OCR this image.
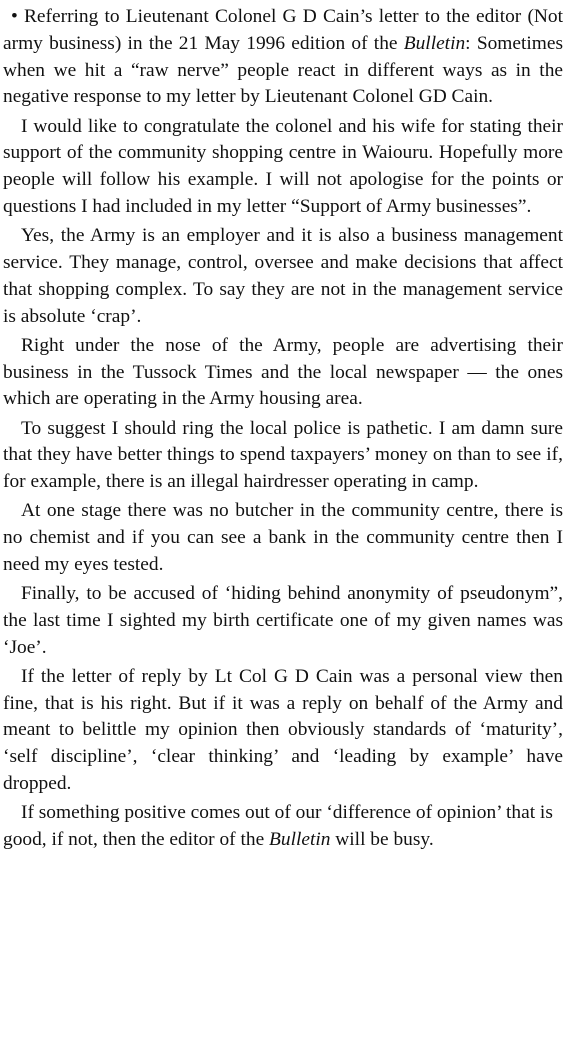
• Referring to Lieutenant Colonel G D Cain’s letter to the editor (Not army business) in the 21 May 1996 edition of the Bulletin: Sometimes when we hit a “raw nerve” people react in different ways as in the negative response to my letter by Lieutenant Colonel GD Cain.

I would like to congratulate the colonel and his wife for stating their support of the community shopping centre in Waiouru. Hopefully more people will follow his example. I will not apologise for the points or questions I had included in my letter “Support of Army businesses”.

Yes, the Army is an employer and it is also a business management service. They manage, control, oversee and make decisions that affect that shopping complex. To say they are not in the management service is absolute ‘crap’.

Right under the nose of the Army, people are advertising their business in the Tussock Times and the local newspaper — the ones which are operating in the Army housing area.

To suggest I should ring the local police is pathetic. I am damn sure that they have better things to spend taxpayers’ money on than to see if, for example, there is an illegal hairdresser operating in camp.

At one stage there was no butcher in the community centre, there is no chemist and if you can see a bank in the community centre then I need my eyes tested.

Finally, to be accused of ‘hiding behind anonymity of pseudonym”, the last time I sighted my birth certificate one of my given names was ‘Joe’.

If the letter of reply by Lt Col G D Cain was a personal view then fine, that is his right. But if it was a reply on behalf of the Army and meant to belittle my opinion then obviously standards of ‘maturity’, ‘self discipline’, ‘clear thinking’ and ‘leading by example’ have dropped.

If something positive comes out of our ‘difference of opinion’ that is good, if not, then the editor of the Bulletin will be busy.
